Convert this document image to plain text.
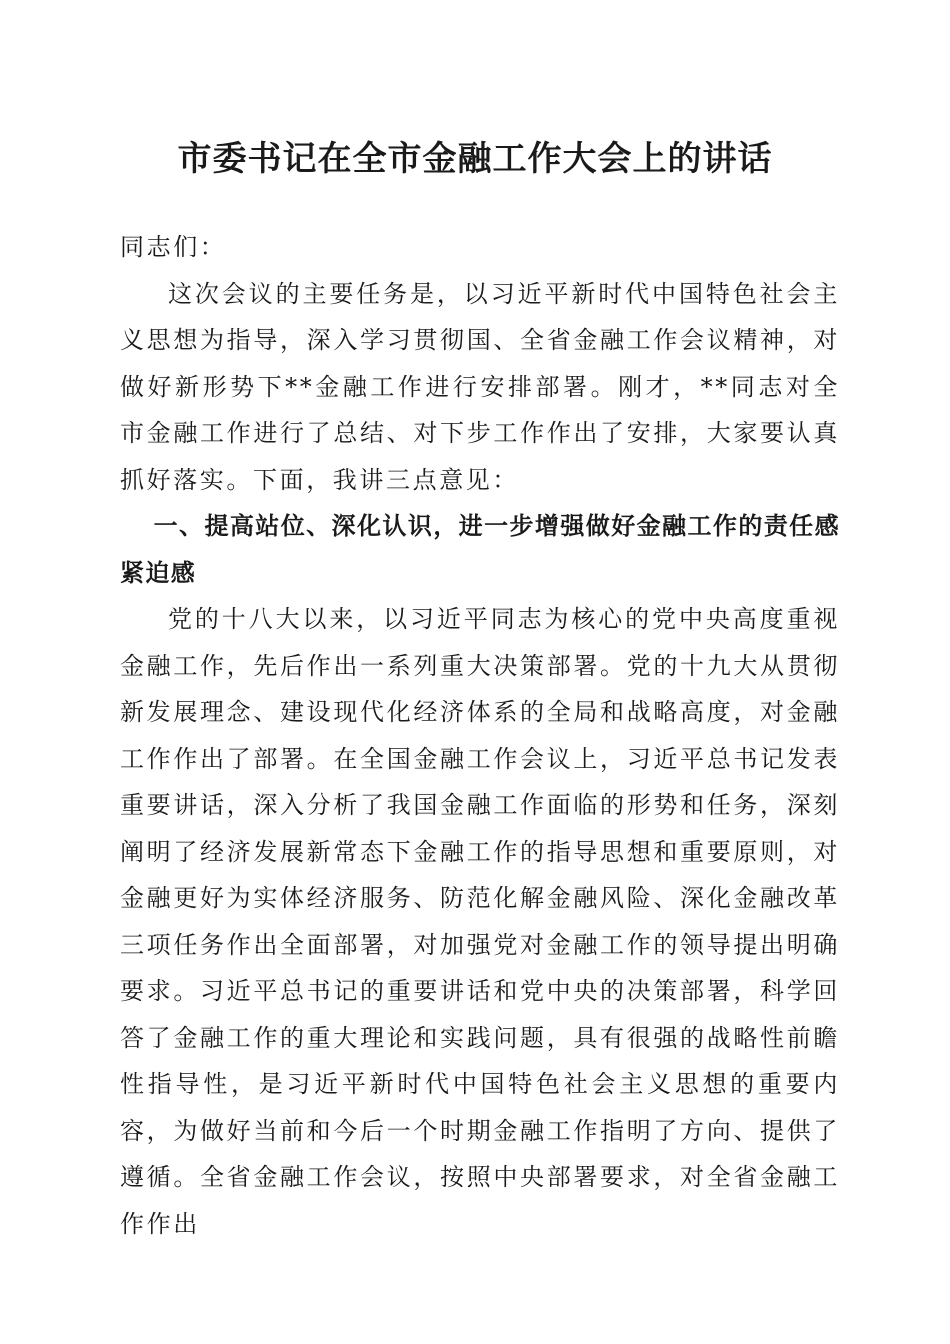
市委书记在全市金融工作大会上的讲话

同志们：

这次会议的主要任务是，以习近平新时代中国特色社会主义思想为指导，深入学习贯彻国、全省金融工作会议精神，对做好新形势下**金融工作进行安排部署。刚才，**同志对全市金融工作进行了总结、对下步工作作出了安排，大家要认真抓好落实。下面，我讲三点意见：

一、提高站位、深化认识，进一步增强做好金融工作的责任感紧迫感

党的十八大以来，以习近平同志为核心的党中央高度重视金融工作，先后作出一系列重大决策部署。党的十九大从贯彻新发展理念、建设现代化经济体系的全局和战略高度，对金融工作作出了部署。在全国金融工作会议上，习近平总书记发表重要讲话，深入分析了我国金融工作面临的形势和任务，深刻阐明了经济发展新常态下金融工作的指导思想和重要原则，对金融更好为实体经济服务、防范化解金融风险、深化金融改革三项任务作出全面部署，对加强党对金融工作的领导提出明确要求。习近平总书记的重要讲话和党中央的决策部署，科学回答了金融工作的重大理论和实践问题，具有很强的战略性前瞻性指导性，是习近平新时代中国特色社会主义思想的重要内容，为做好当前和今后一个时期金融工作指明了方向、提供了遵循。全省金融工作会议，按照中央部署要求，对全省金融工作作出
